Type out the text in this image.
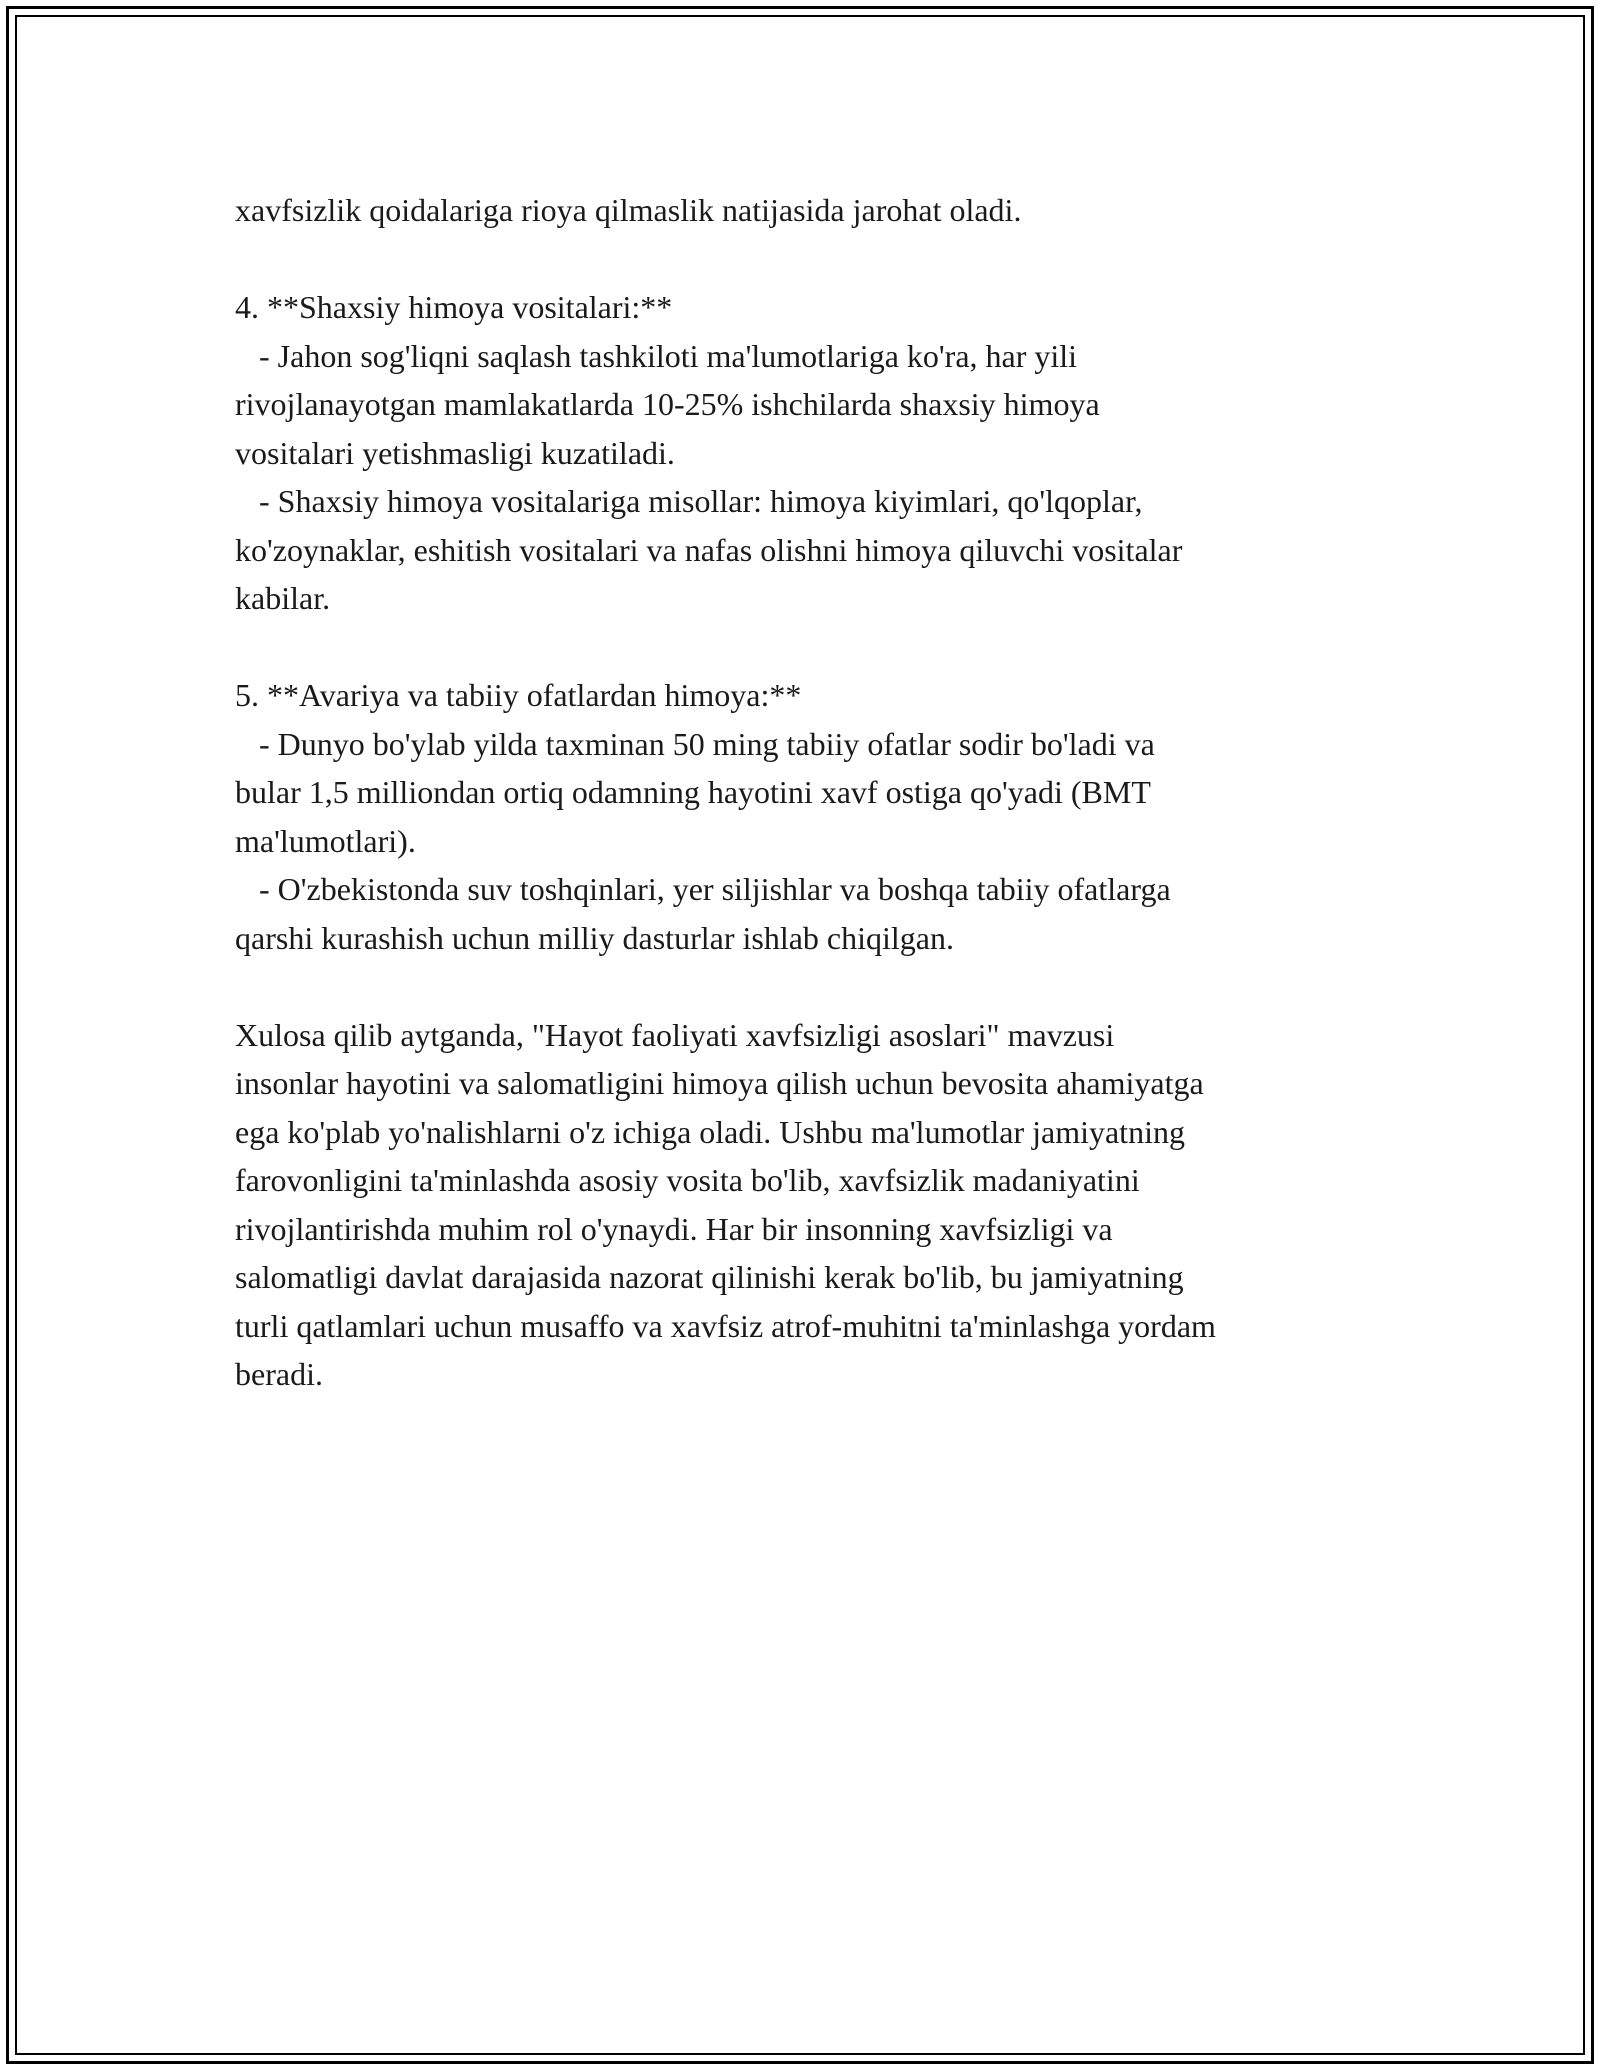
xavfsizlik qoidalariga rioya qilmaslik natijasida jarohat oladi.
4. **Shaxsiy himoya vositalari:**
- Jahon sog'liqni saqlash tashkiloti ma'lumotlariga ko'ra, har yili
rivojlanayotgan mamlakatlarda 10-25% ishchilarda shaxsiy himoya
vositalari yetishmasligi kuzatiladi.
- Shaxsiy himoya vositalariga misollar: himoya kiyimlari, qo'lqoplar,
ko'zoynaklar, eshitish vositalari va nafas olishni himoya qiluvchi vositalar
kabilar.
5. **Avariya va tabiiy ofatlardan himoya:**
- Dunyo bo'ylab yilda taxminan 50 ming tabiiy ofatlar sodir bo'ladi va
bular 1,5 milliondan ortiq odamning hayotini xavf ostiga qo'yadi (BMT
ma'lumotlari).
- O'zbekistonda suv toshqinlari, yer siljishlar va boshqa tabiiy ofatlarga
qarshi kurashish uchun milliy dasturlar ishlab chiqilgan.
Xulosa qilib aytganda, "Hayot faoliyati xavfsizligi asoslari" mavzusi
insonlar hayotini va salomatligini himoya qilish uchun bevosita ahamiyatga
ega ko'plab yo'nalishlarni o'z ichiga oladi. Ushbu ma'lumotlar jamiyatning
farovonligini ta'minlashda asosiy vosita bo'lib, xavfsizlik madaniyatini
rivojlantirishda muhim rol o'ynaydi. Har bir insonning xavfsizligi va
salomatligi davlat darajasida nazorat qilinishi kerak bo'lib, bu jamiyatning
turli qatlamlari uchun musaffo va xavfsiz atrof-muhitni ta'minlashga yordam
beradi.
